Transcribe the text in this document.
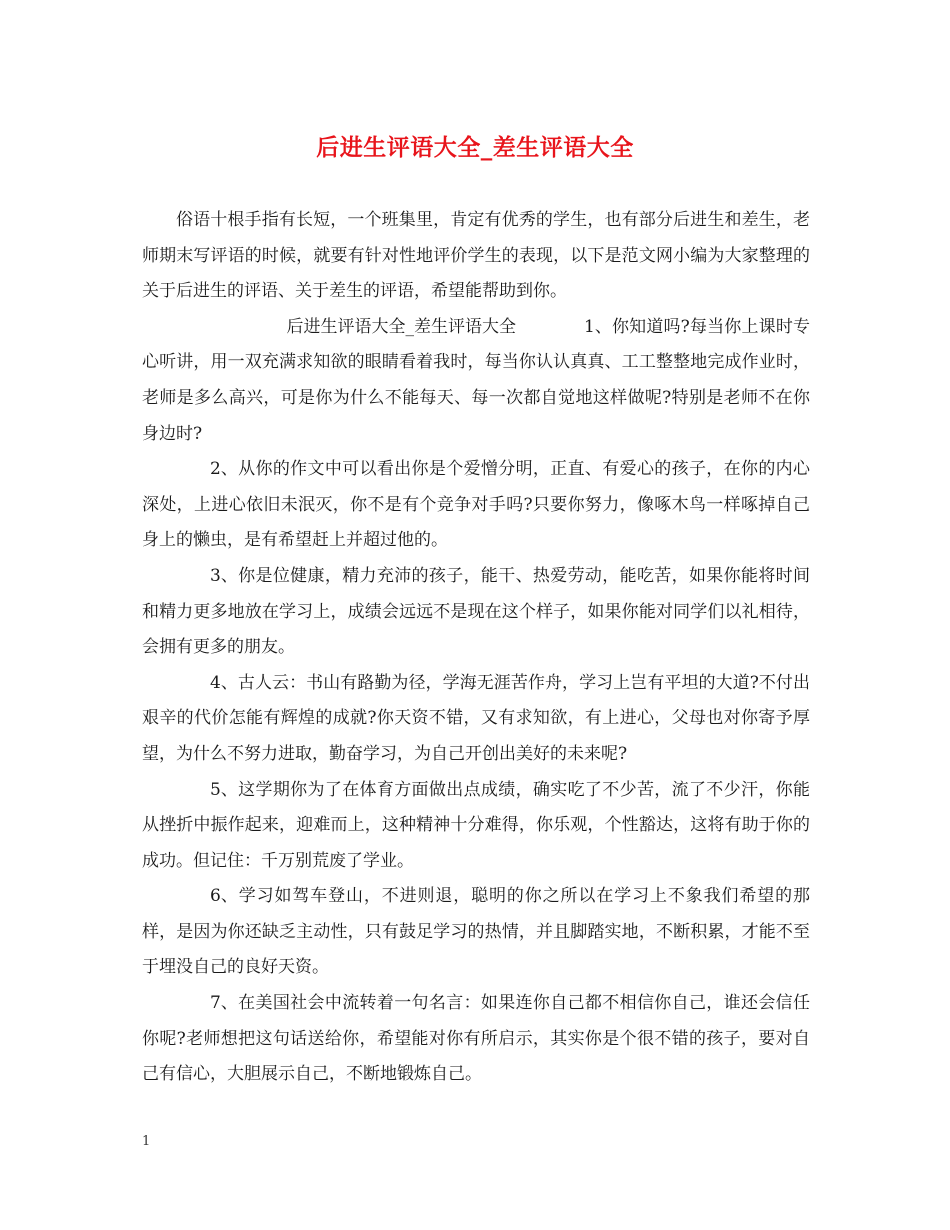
后进生评语大全_差生评语大全

俗语十根手指有长短，一个班集里，肯定有优秀的学生，也有部分后进生和差生，老师期末写评语的时候，就要有针对性地评价学生的表现，以下是范文网小编为大家整理的关于后进生的评语、关于差生的评语，希望能帮助到你。

后进生评语大全_差生评语大全  	1、你知道吗?每当你上课时专心听讲，用一双充满求知欲的眼睛看着我时，每当你认认真真、工工整整地完成作业时，老师是多么高兴，可是你为什么不能每天、每一次都自觉地这样做呢?特别是老师不在你身边时?

2、从你的作文中可以看出你是个爱憎分明，正直、有爱心的孩子，在你的内心深处，上进心依旧未泯灭，你不是有个竞争对手吗?只要你努力，像啄木鸟一样啄掉自己身上的懒虫，是有希望赶上并超过他的。

3、你是位健康，精力充沛的孩子，能干、热爱劳动，能吃苦，如果你能将时间和精力更多地放在学习上，成绩会远远不是现在这个样子，如果你能对同学们以礼相待，会拥有更多的朋友。

4、古人云：书山有路勤为径，学海无涯苦作舟，学习上岂有平坦的大道?不付出艰辛的代价怎能有辉煌的成就?你天资不错，又有求知欲，有上进心，父母也对你寄予厚望，为什么不努力进取，勤奋学习，为自己开创出美好的未来呢?

5、这学期你为了在体育方面做出点成绩，确实吃了不少苦，流了不少汗，你能从挫折中振作起来，迎难而上，这种精神十分难得，你乐观，个性豁达，这将有助于你的成功。但记住：千万别荒废了学业。

6、学习如驾车登山，不进则退，聪明的你之所以在学习上不象我们希望的那样，是因为你还缺乏主动性，只有鼓足学习的热情，并且脚踏实地，不断积累，才能不至于埋没自己的良好天资。

7、在美国社会中流转着一句名言：如果连你自己都不相信你自己，谁还会信任你呢?老师想把这句话送给你，希望能对你有所启示，其实你是个很不错的孩子，要对自己有信心，大胆展示自己，不断地锻炼自己。

1
